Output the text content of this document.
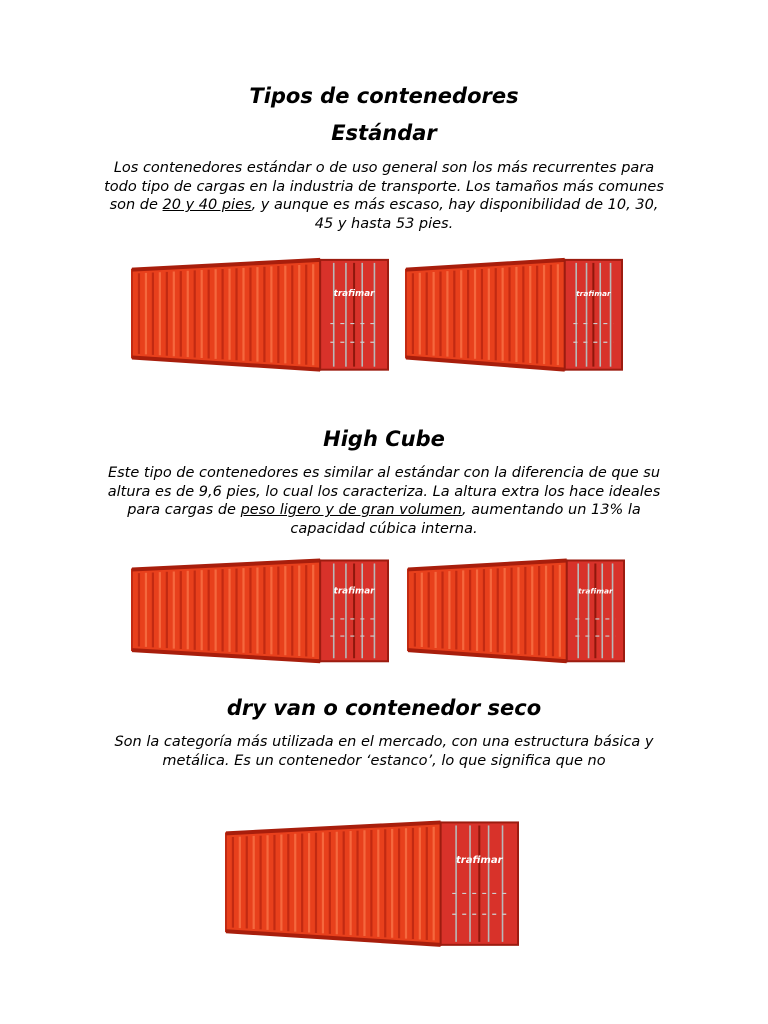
Tipos de contenedores
Estándar
Los contenedores estándar o de uso general son los más recurrentes para todo tipo de cargas en la industria de transporte. Los tamaños más comunes son de 20 y 40 pies, y aunque es más escaso, hay disponibilidad de 10, 30, 45 y hasta 53 pies.
trafimar	trafimar
High Cube
Este tipo de contenedores es similar al estándar con la diferencia de que su altura es de 9,6 pies, lo cual los caracteriza. La altura extra los hace ideales para cargas de peso ligero y de gran volumen, aumentando un 13% la capacidad cúbica interna.
trafimar	trafimar
dry van o contenedor seco
Son la categoría más utilizada en el mercado, con una estructura básica y metálica. Es un contenedor ‘estanco’, lo que significa que no
trafimar
